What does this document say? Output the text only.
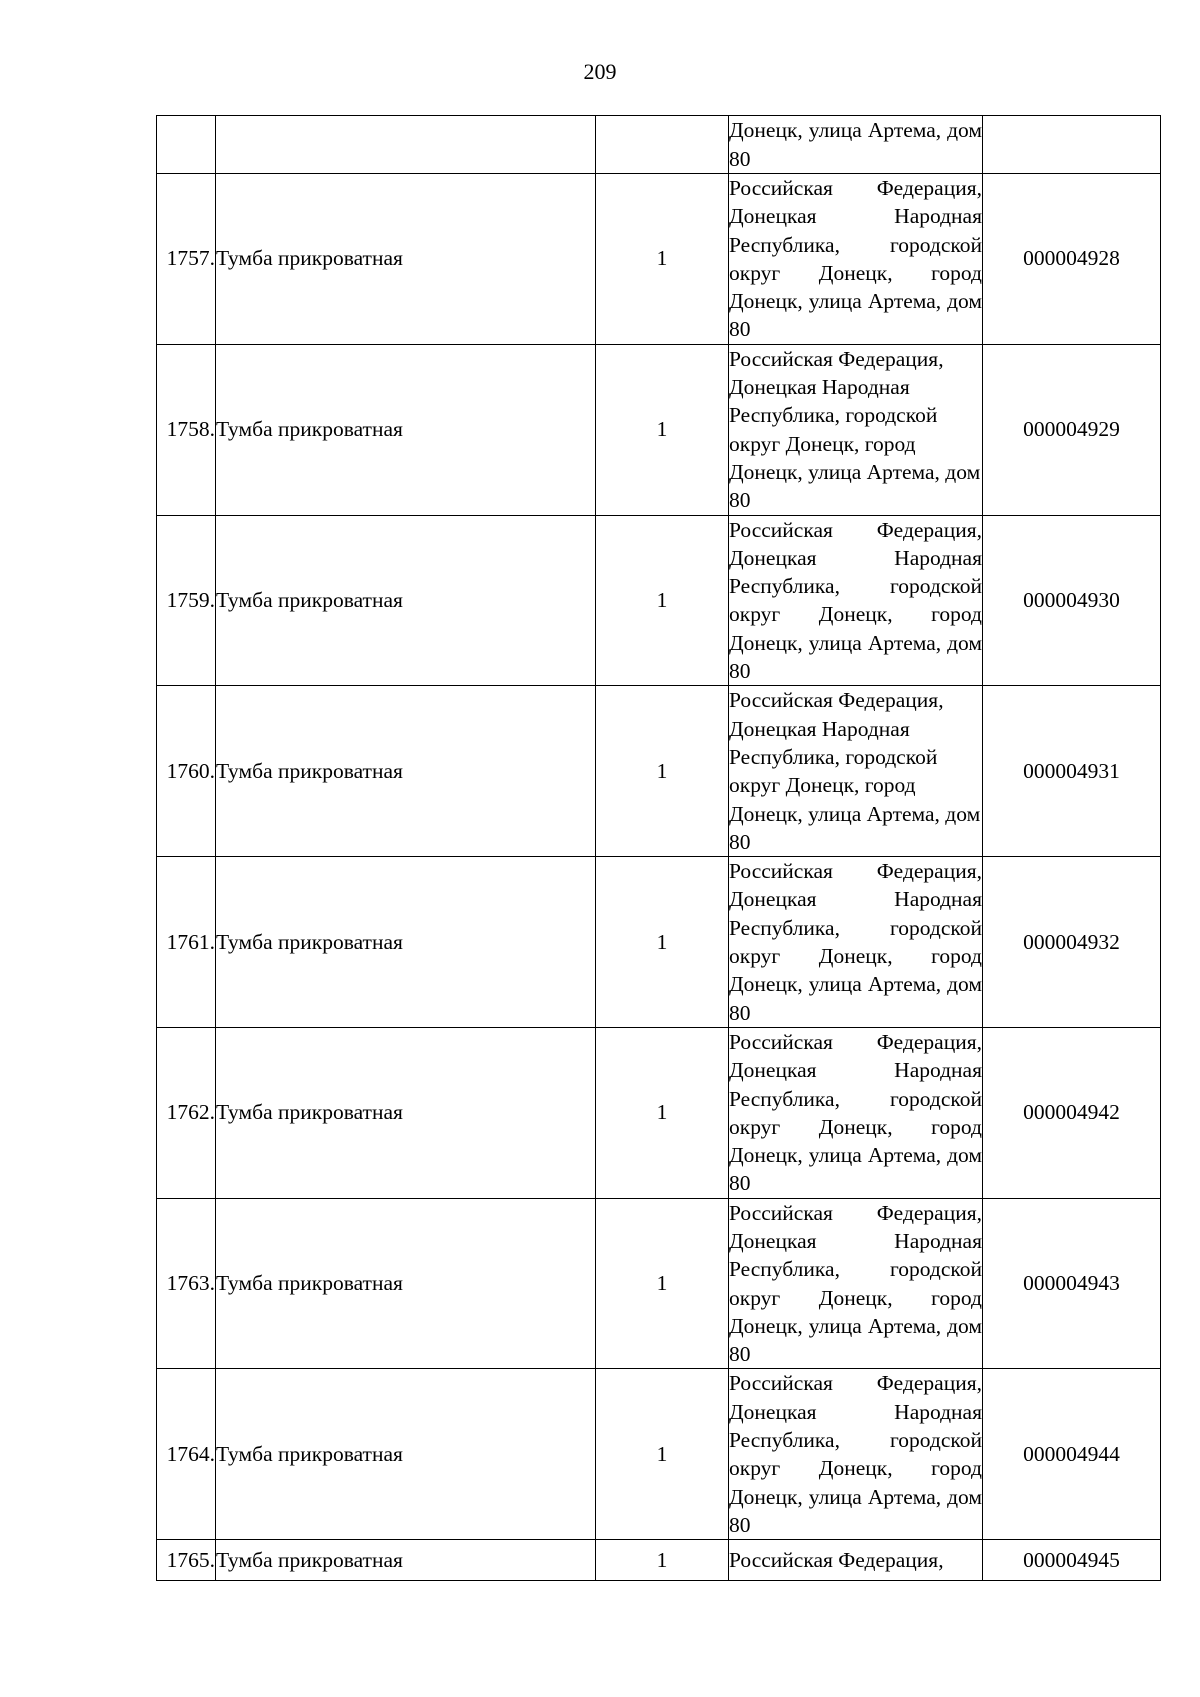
209

			Донецк, улица Артема, дом 80	

1757.	Тумба прикроватная	1	Российская Федерация, Донецкая Народная Республика, городской округ Донецк, город Донецк, улица Артема, дом 80	000004928
1758.	Тумба прикроватная	1	Российская Федерация, Донецкая Народная Республика, городской округ Донецк, город Донецк, улица Артема, дом 80	000004929
1759.	Тумба прикроватная	1	Российская Федерация, Донецкая Народная Республика, городской округ Донецк, город Донецк, улица Артема, дом 80	000004930
1760.	Тумба прикроватная	1	Российская Федерация, Донецкая Народная Республика, городской округ Донецк, город Донецк, улица Артема, дом 80	000004931
1761.	Тумба прикроватная	1	Российская Федерация, Донецкая Народная Республика, городской округ Донецк, город Донецк, улица Артема, дом 80	000004932
1762.	Тумба прикроватная	1	Российская Федерация, Донецкая Народная Республика, городской округ Донецк, город Донецк, улица Артема, дом 80	000004942
1763.	Тумба прикроватная	1	Российская Федерация, Донецкая Народная Республика, городской округ Донецк, город Донецк, улица Артема, дом 80	000004943
1764.	Тумба прикроватная	1	Российская Федерация, Донецкая Народная Республика, городской округ Донецк, город Донецк, улица Артема, дом 80	000004944
1765.	Тумба прикроватная	1	Российская Федерация,	000004945
